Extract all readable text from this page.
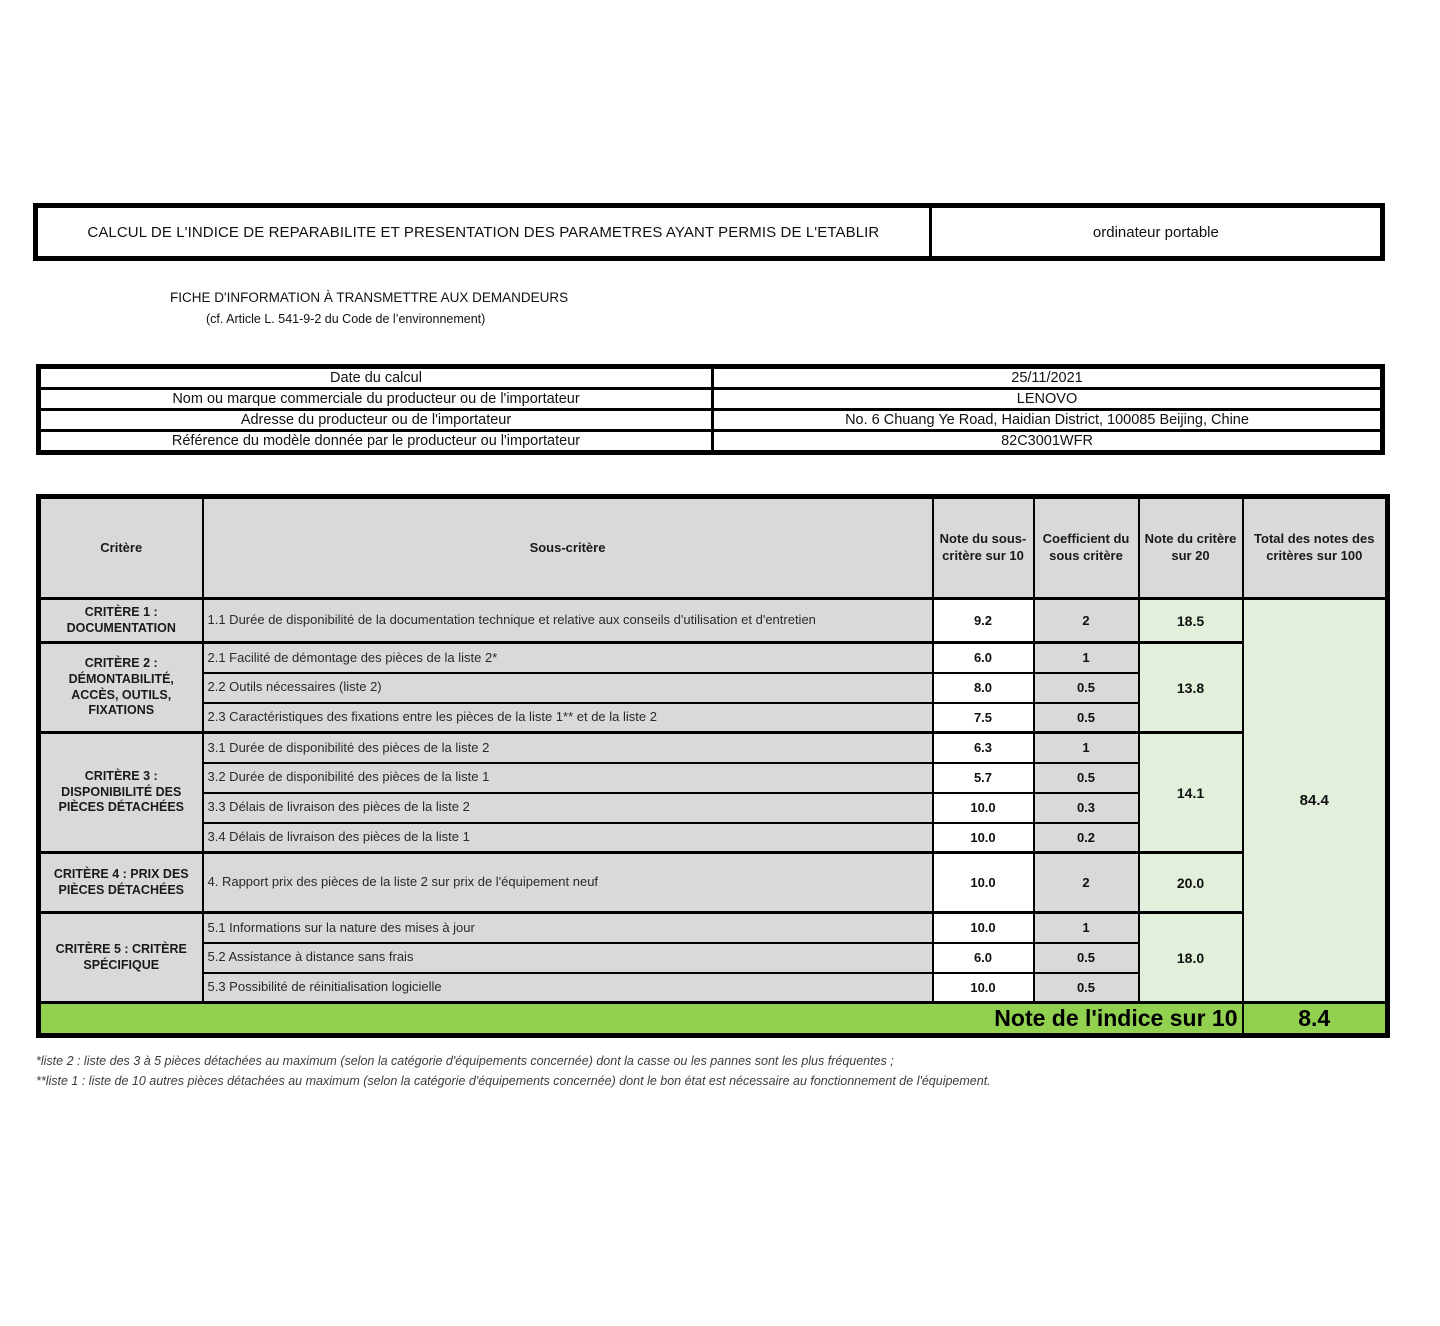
CALCUL DE L'INDICE DE REPARABILITE ET PRESENTATION DES PARAMETRES AYANT PERMIS DE L'ETABLIR	ordinateur portable
FICHE D'INFORMATION À TRANSMETTRE AUX DEMANDEURS
(cf. Article L. 541-9-2 du Code de l’environnement)
Date du calcul	25/11/2021
Nom ou marque commerciale du producteur ou de l'importateur	LENOVO
Adresse du producteur ou de l'importateur	No. 6 Chuang Ye Road, Haidian District, 100085 Beijing, Chine
Référence du modèle donnée par le producteur ou l'importateur	82C3001WFR
Critère	Sous-critère	Note du sous-critère sur 10	Coefficient du sous critère	Note du critère sur 20	Total des notes des critères sur 100
CRITÈRE 1 : DOCUMENTATION	1.1 Durée de disponibilité de la documentation technique et relative aux conseils d'utilisation et d'entretien	9.2	2	18.5	84.4
CRITÈRE 2 : DÉMONTABILITÉ, ACCÈS, OUTILS, FIXATIONS	2.1 Facilité de démontage des pièces de la liste 2*	6.0	1	13.8	
	2.2 Outils nécessaires (liste 2)	8.0	0.5		
	2.3 Caractéristiques des fixations entre les pièces de la liste 1** et de la liste 2	7.5	0.5		
CRITÈRE 3 : DISPONIBILITÉ DES PIÈCES DÉTACHÉES	3.1 Durée de disponibilité des pièces de la liste 2	6.3	1	14.1	
	3.2 Durée de disponibilité des pièces de la liste 1	5.7	0.5		
	3.3 Délais de livraison des pièces de la liste 2	10.0	0.3		
	3.4 Délais de livraison des pièces de la liste 1	10.0	0.2		
CRITÈRE 4 : PRIX DES PIÈCES DÉTACHÉES	4. Rapport prix des pièces de la liste 2 sur prix de l'équipement neuf	10.0	2	20.0	
CRITÈRE 5 : CRITÈRE SPÉCIFIQUE	5.1 Informations sur la nature des mises à jour	10.0	1	18.0	
	5.2 Assistance à distance sans frais	6.0	0.5		
	5.3 Possibilité de réinitialisation logicielle	10.0	0.5		
Note de l'indice sur 10					8.4
*liste 2 : liste des 3 à 5 pièces détachées au maximum (selon la catégorie d'équipements concernée) dont la casse ou les pannes sont les plus fréquentes ;
**liste 1 : liste de 10 autres pièces détachées au maximum (selon la catégorie d'équipements concernée) dont le bon état est nécessaire au fonctionnement de l'équipement.
